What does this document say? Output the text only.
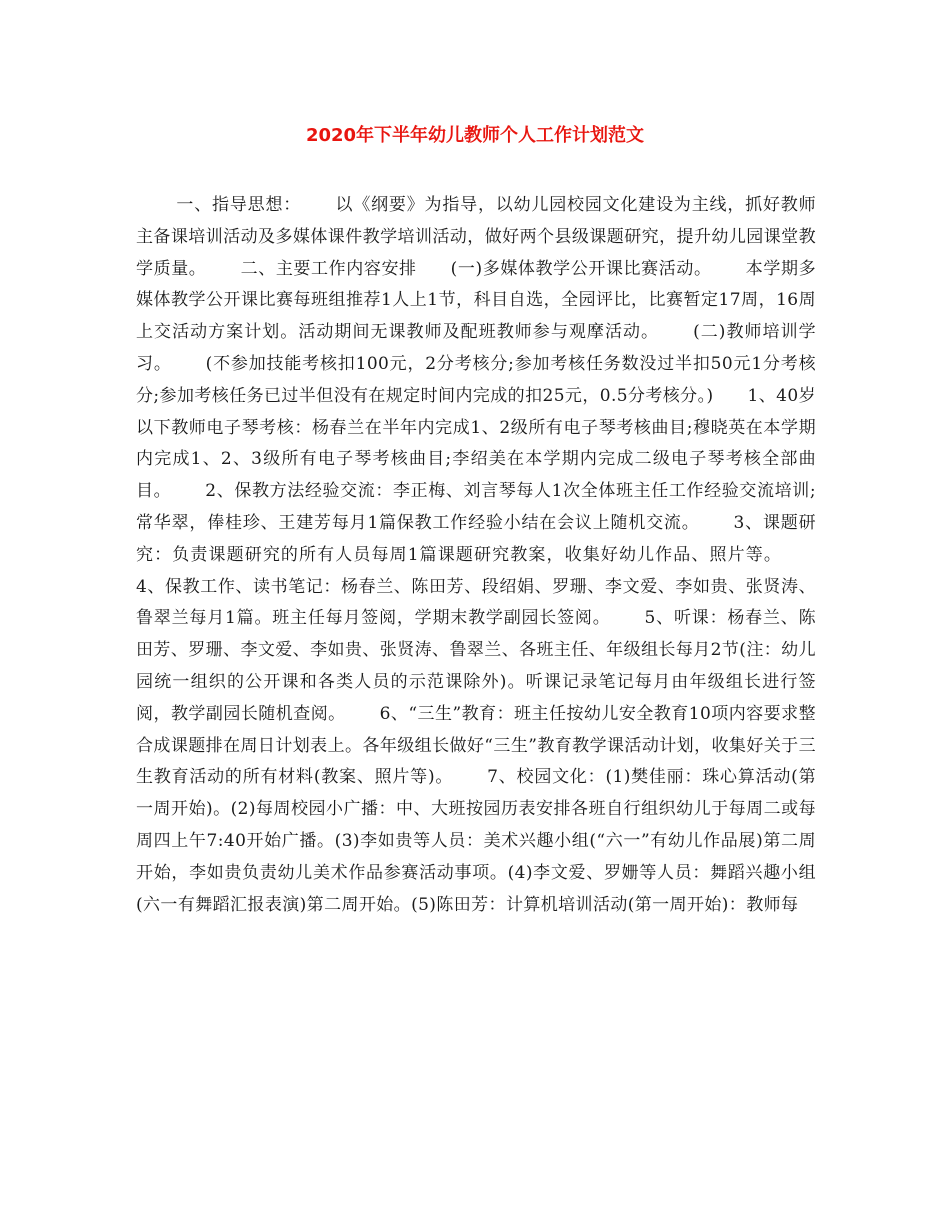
2020年下半年幼儿教师个人工作计划范文

一、指导思想： 以《纲要》为指导，以幼儿园校园文化建设为主线，抓好教师主备课培训活动及多媒体课件教学培训活动，做好两个县级课题研究，提升幼儿园课堂教学质量。 二、主要工作内容安排 (一)多媒体教学公开课比赛活动。 本学期多媒体教学公开课比赛每班组推荐1人上1节，科目自选，全园评比，比赛暂定17周，16周上交活动方案计划。活动期间无课教师及配班教师参与观摩活动。 (二)教师培训学习。 (不参加技能考核扣100元，2分考核分;参加考核任务数没过半扣50元1分考核分;参加考核任务已过半但没有在规定时间内完成的扣25元，0.5分考核分。) 1、40岁以下教师电子琴考核：杨春兰在半年内完成1、2级所有电子琴考核曲目;穆晓英在本学期内完成1、2、3级所有电子琴考核曲目;李绍美在本学期内完成二级电子琴考核全部曲目。 2、保教方法经验交流：李正梅、刘言琴每人1次全体班主任工作经验交流培训;常华翠，俸桂珍、王建芳每月1篇保教工作经验小结在会议上随机交流。 3、课题研究：负责课题研究的所有人员每周1篇课题研究教案，收集好幼儿作品、照片等。4、保教工作、读书笔记：杨春兰、陈田芳、段绍娟、罗珊、李文爱、李如贵、张贤涛、鲁翠兰每月1篇。班主任每月签阅，学期末教学副园长签阅。 5、听课：杨春兰、陈田芳、罗珊、李文爱、李如贵、张贤涛、鲁翠兰、各班主任、年级组长每月2节(注：幼儿园统一组织的公开课和各类人员的示范课除外)。听课记录笔记每月由年级组长进行签阅，教学副园长随机查阅。 6、“三生”教育：班主任按幼儿安全教育10项内容要求整合成课题排在周日计划表上。各年级组长做好“三生”教育教学课活动计划，收集好关于三生教育活动的所有材料(教案、照片等)。 7、校园文化：(1)樊佳丽：珠心算活动(第一周开始)。(2)每周校园小广播：中、大班按园历表安排各班自行组织幼儿于每周二或每周四上午7:40开始广播。(3)李如贵等人员：美术兴趣小组(“六一”有幼儿作品展)第二周开始，李如贵负责幼儿美术作品参赛活动事项。(4)李文爱、罗姗等人员：舞蹈兴趣小组(六一有舞蹈汇报表演)第二周开始。(5)陈田芳：计算机培训活动(第一周开始)：教师每
